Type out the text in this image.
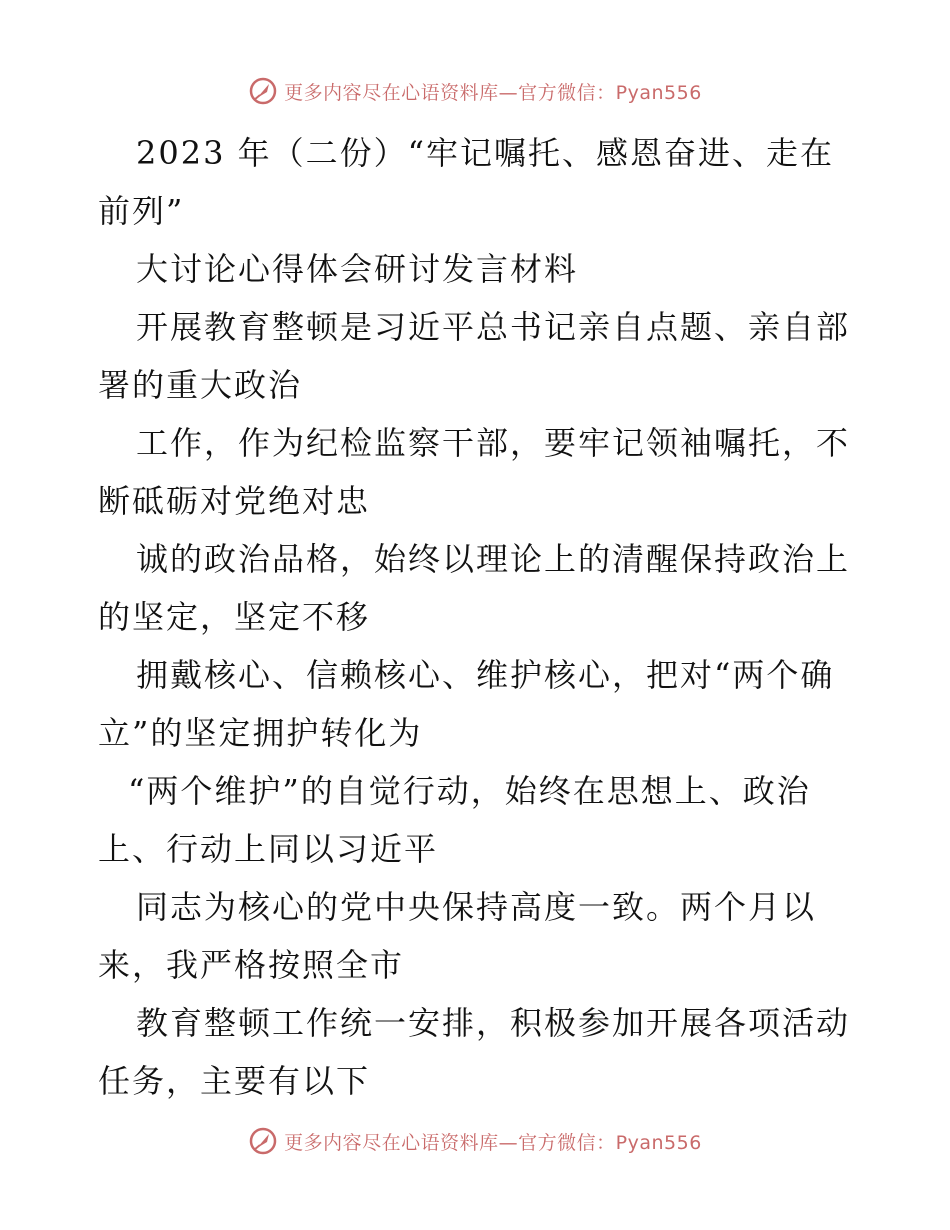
更多内容尽在心语资料库—官方微信：Pyan556
2023 年（二份）“牢记嘱托、感恩奋进、走在
前列”
大讨论心得体会研讨发言材料
开展教育整顿是习近平总书记亲自点题、亲自部
署的重大政治
工作，作为纪检监察干部，要牢记领袖嘱托，不
断砥砺对党绝对忠
诚的政治品格，始终以理论上的清醒保持政治上
的坚定，坚定不移
拥戴核心、信赖核心、维护核心，把对“两个确
立”的坚定拥护转化为
“两个维护”的自觉行动，始终在思想上、政治
上、行动上同以习近平
同志为核心的党中央保持高度一致。两个月以
来，我严格按照全市
教育整顿工作统一安排，积极参加开展各项活动
任务，主要有以下
更多内容尽在心语资料库—官方微信：Pyan556
